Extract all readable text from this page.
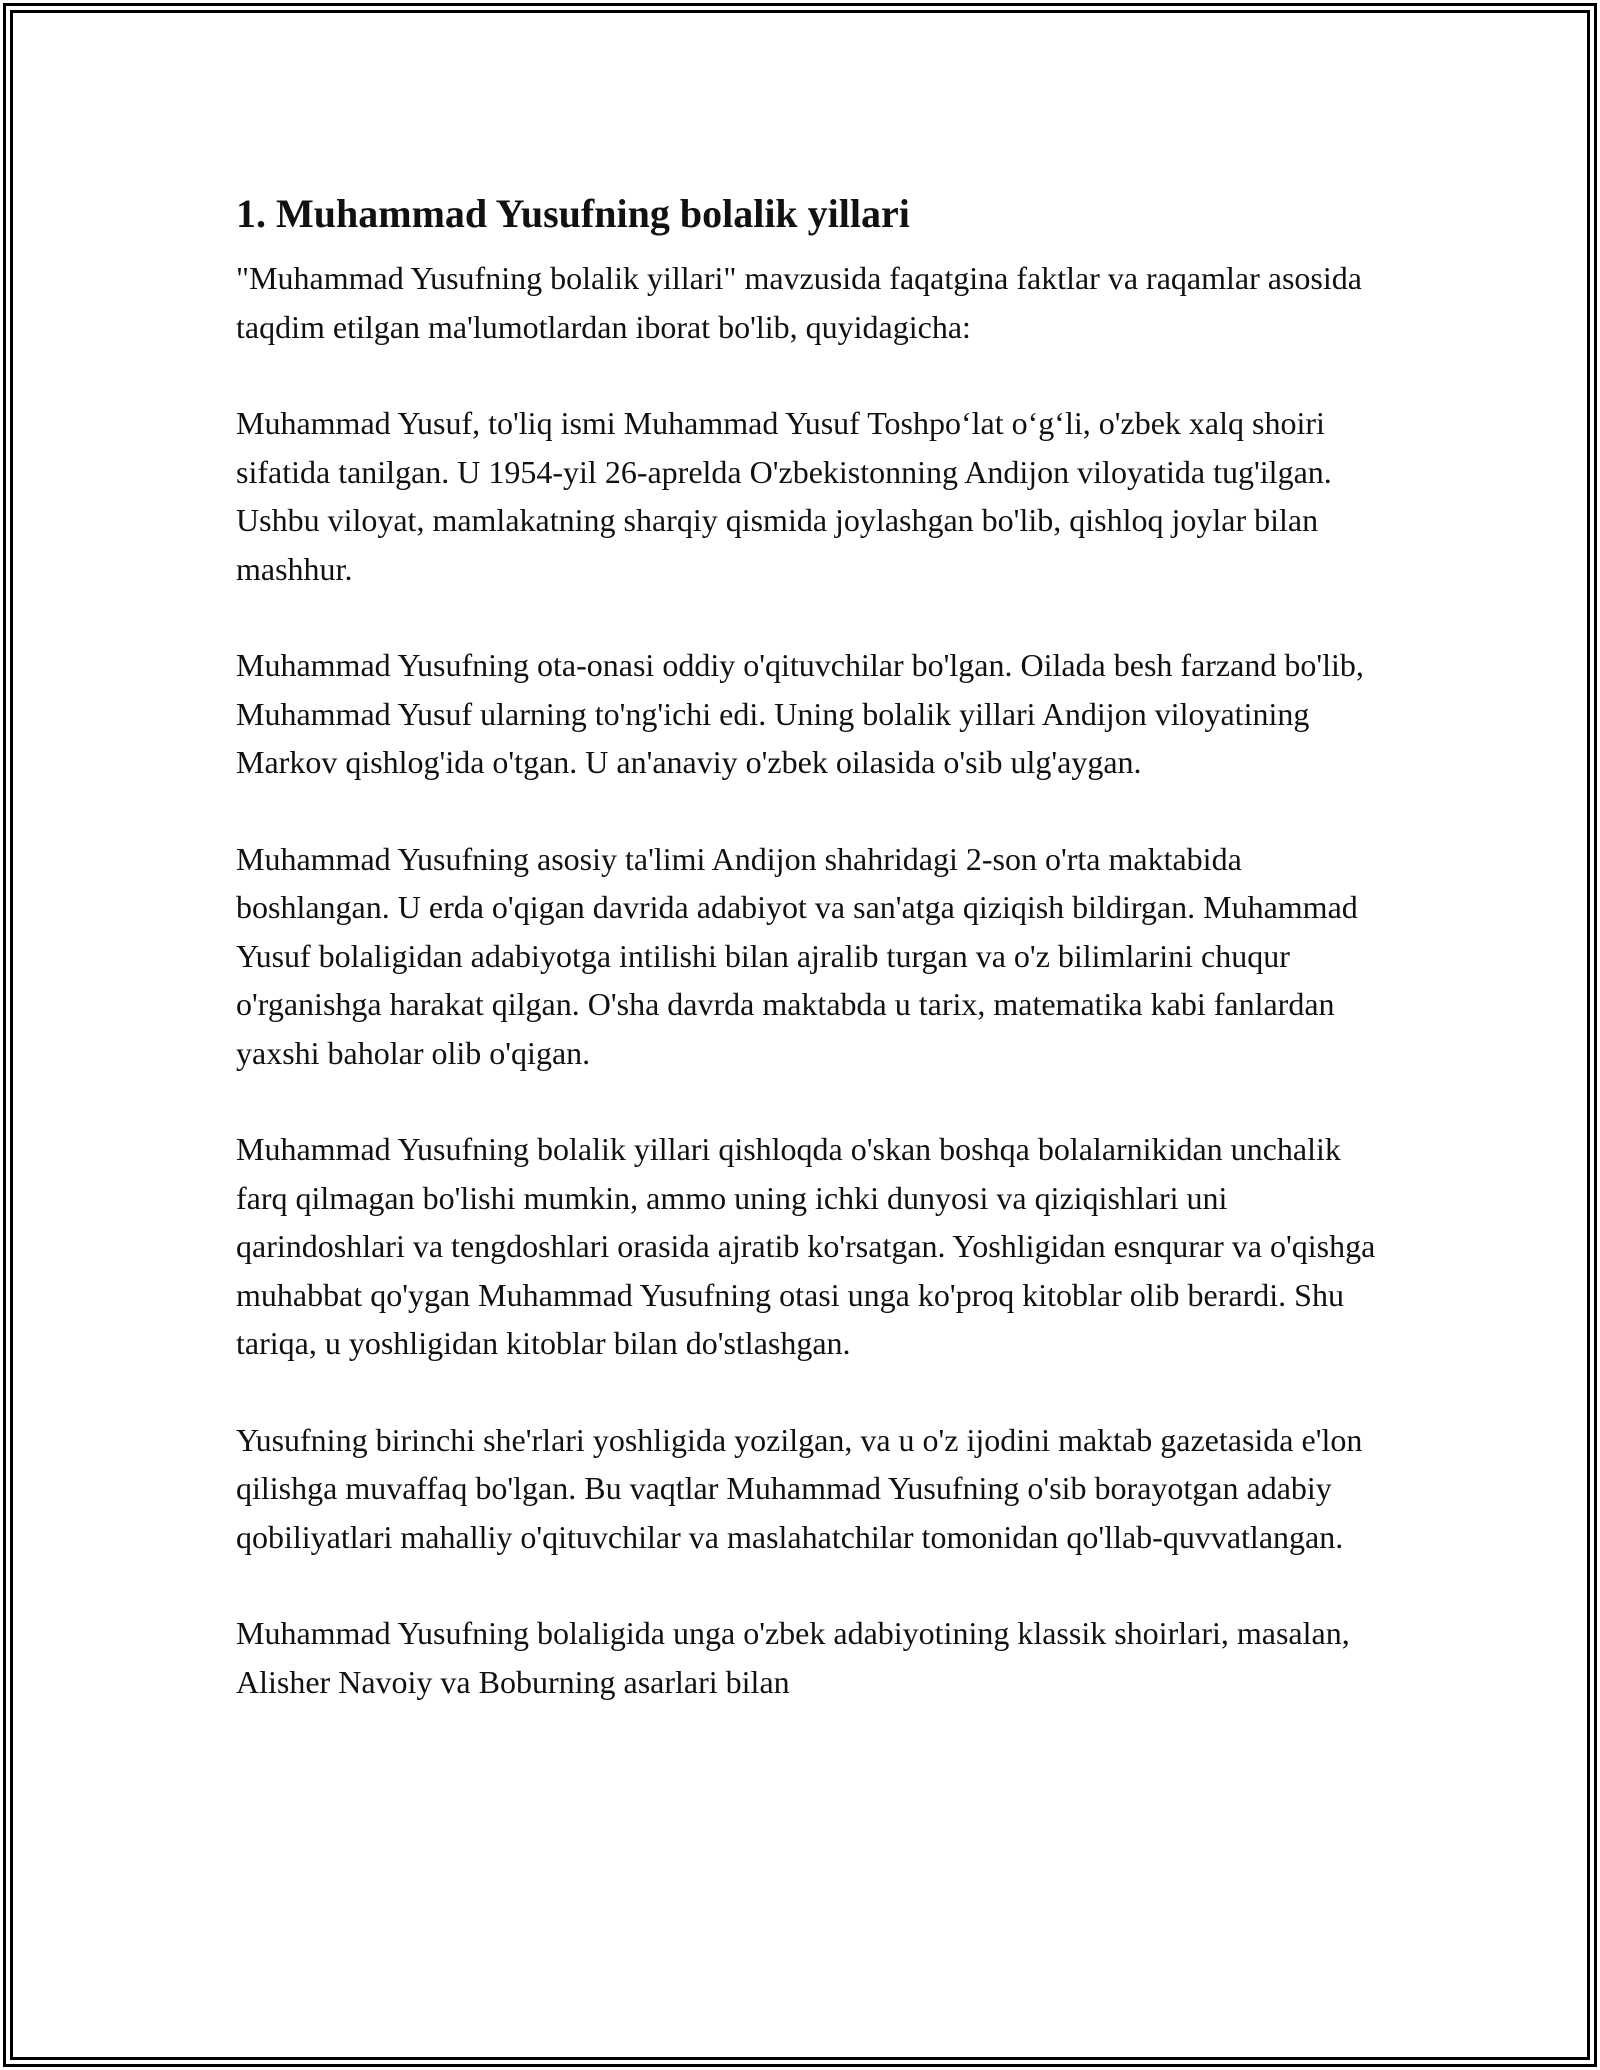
1. Muhammad Yusufning bolalik yillari

"Muhammad Yusufning bolalik yillari" mavzusida faqatgina faktlar va raqamlar asosida taqdim etilgan ma'lumotlardan iborat bo'lib, quyidagicha:

Muhammad Yusuf, to'liq ismi Muhammad Yusuf Toshpo‘lat o‘g‘li, o'zbek xalq shoiri sifatida tanilgan. U 1954-yil 26-aprelda O'zbekistonning Andijon viloyatida tug'ilgan. Ushbu viloyat, mamlakatning sharqiy qismida joylashgan bo'lib, qishloq joylar bilan mashhur.

Muhammad Yusufning ota-onasi oddiy o'qituvchilar bo'lgan. Oilada besh farzand bo'lib, Muhammad Yusuf ularning to'ng'ichi edi. Uning bolalik yillari Andijon viloyatining Markov qishlog'ida o'tgan. U an'anaviy o'zbek oilasida o'sib ulg'aygan.

Muhammad Yusufning asosiy ta'limi Andijon shahridagi 2-son o'rta maktabida boshlangan. U erda o'qigan davrida adabiyot va san'atga qiziqish bildirgan. Muhammad Yusuf bolaligidan adabiyotga intilishi bilan ajralib turgan va o'z bilimlarini chuqur o'rganishga harakat qilgan. O'sha davrda maktabda u tarix, matematika kabi fanlardan yaxshi baholar olib o'qigan.

Muhammad Yusufning bolalik yillari qishloqda o'skan boshqa bolalarnikidan unchalik farq qilmagan bo'lishi mumkin, ammo uning ichki dunyosi va qiziqishlari uni qarindoshlari va tengdoshlari orasida ajratib ko'rsatgan. Yoshligidan esnqurar va o'qishga muhabbat qo'ygan Muhammad Yusufning otasi unga ko'proq kitoblar olib berardi. Shu tariqa, u yoshligidan kitoblar bilan do'stlashgan.

Yusufning birinchi she'rlari yoshligida yozilgan, va u o'z ijodini maktab gazetasida e'lon qilishga muvaffaq bo'lgan. Bu vaqtlar Muhammad Yusufning o'sib borayotgan adabiy qobiliyatlari mahalliy o'qituvchilar va maslahatchilar tomonidan qo'llab-quvvatlangan.

Muhammad Yusufning bolaligida unga o'zbek adabiyotining klassik shoirlari, masalan, Alisher Navoiy va Boburning asarlari bilan
